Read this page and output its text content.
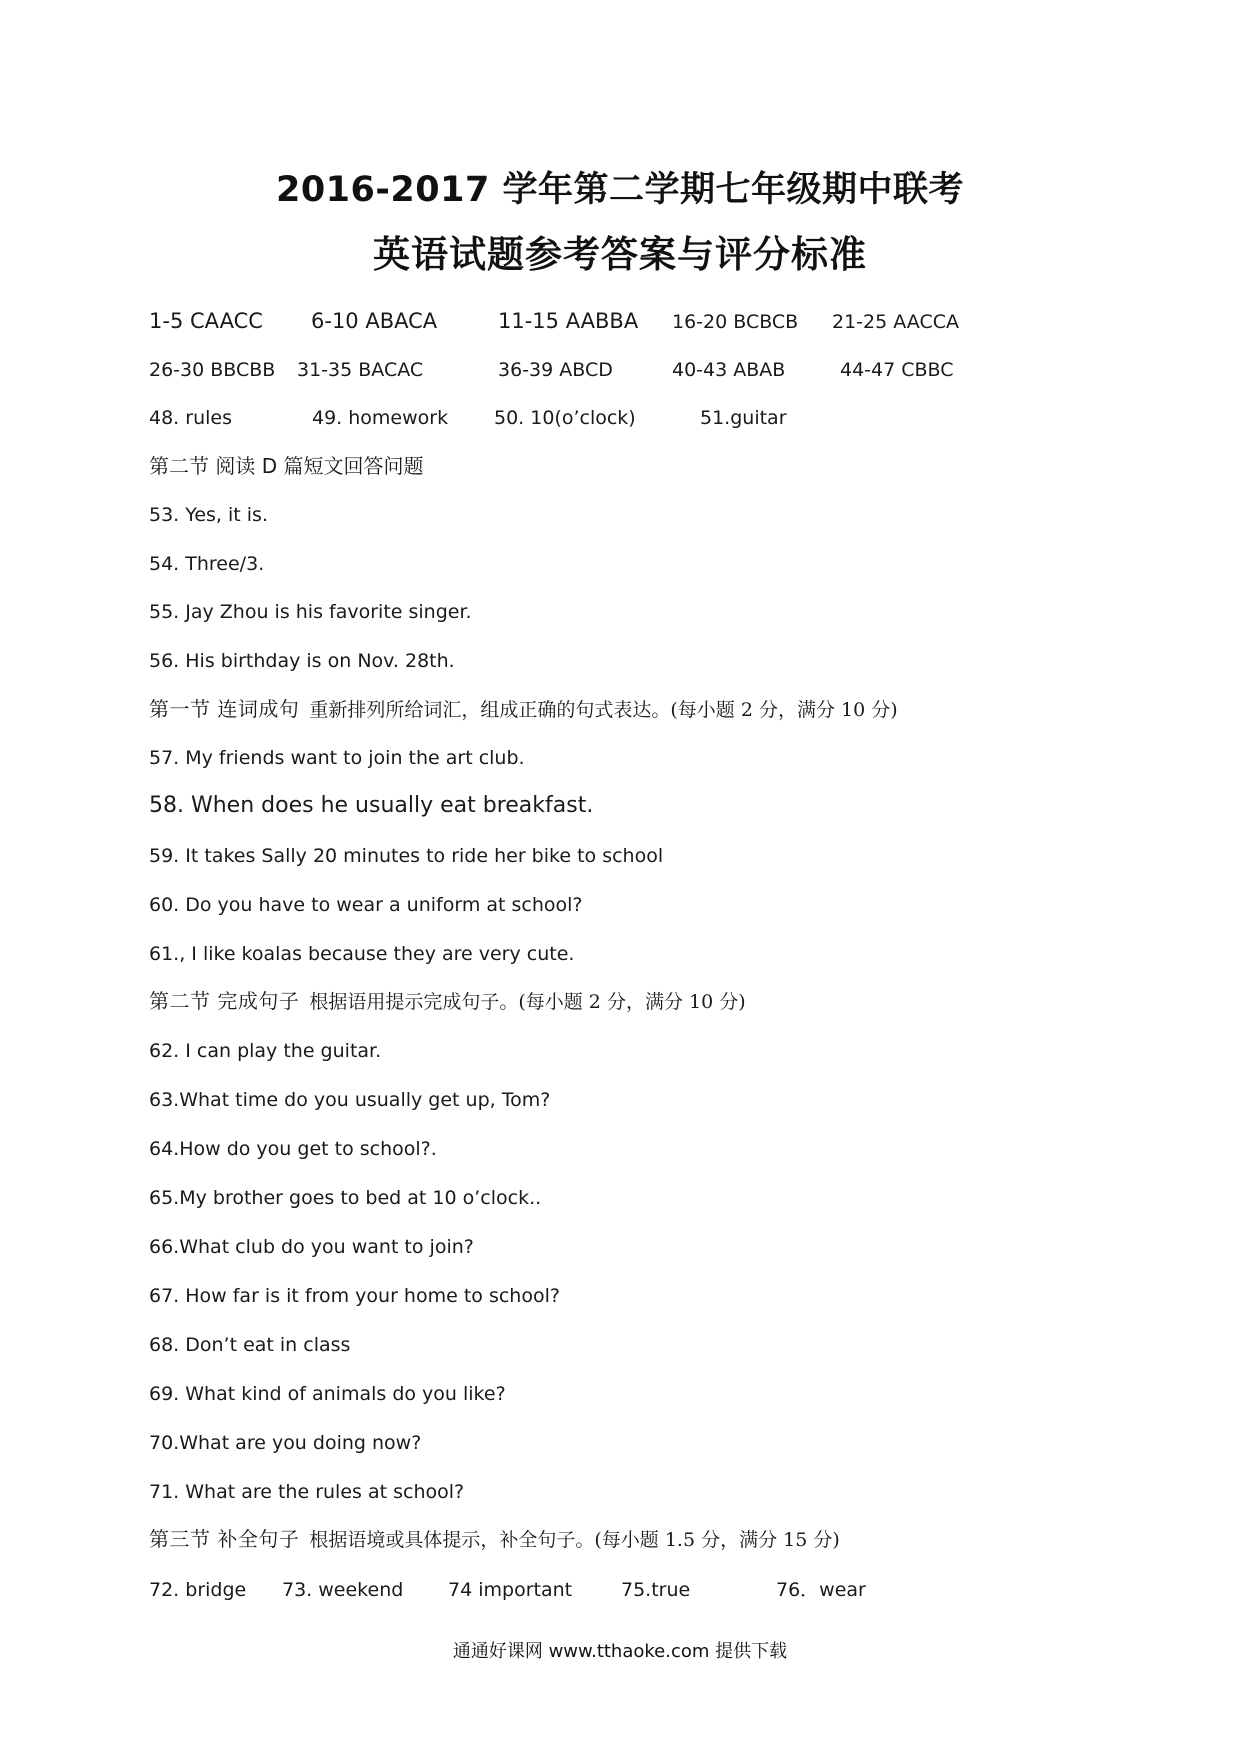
2016-2017 学年第二学期七年级期中联考
英语试题参考答案与评分标准
1-5 CAACC 6-10 ABACA	11-15 AABBA 16-20 BCBCB 21-25 AACCA
26-30 BBCBB 31-35 BACAC	36-39 ABCD	40-43 ABAB	44-47 CBBC
48. rules	49. homework 50. 10(o’clock)	51.guitar
第二节 阅读 D 篇短文回答问题
53. Yes, it is.
54. Three/3.
55. Jay Zhou is his favorite singer.
56. His birthday is on Nov. 28th.
第一节 连词成句 重新排列所给词汇，组成正确的句式表达。(每小题 2 分，满分 10 分)
57. My friends want to join the art club.
58. When does he usually eat breakfast.
59. It takes Sally 20 minutes to ride her bike to school
60. Do you have to wear a uniform at school?
61., I like koalas because they are very cute.
第二节 完成句子 根据语用提示完成句子。(每小题 2 分，满分 10 分)
62. I can play the guitar.
63.What time do you usually get up, Tom?
64.How do you get to school?.
65.My brother goes to bed at 10 o’clock..
66.What club do you want to join?
67. How far is it from your home to school?
68. Don’t eat in class
69. What kind of animals do you like?
70.What are you doing now?
71. What are the rules at school?
第三节 补全句子 根据语境或具体提示，补全句子。(每小题 1.5 分，满分 15 分)
72. bridge 73. weekend 74 important	75.true	76．wear
通通好课网 www.tthaoke.com 提供下载
